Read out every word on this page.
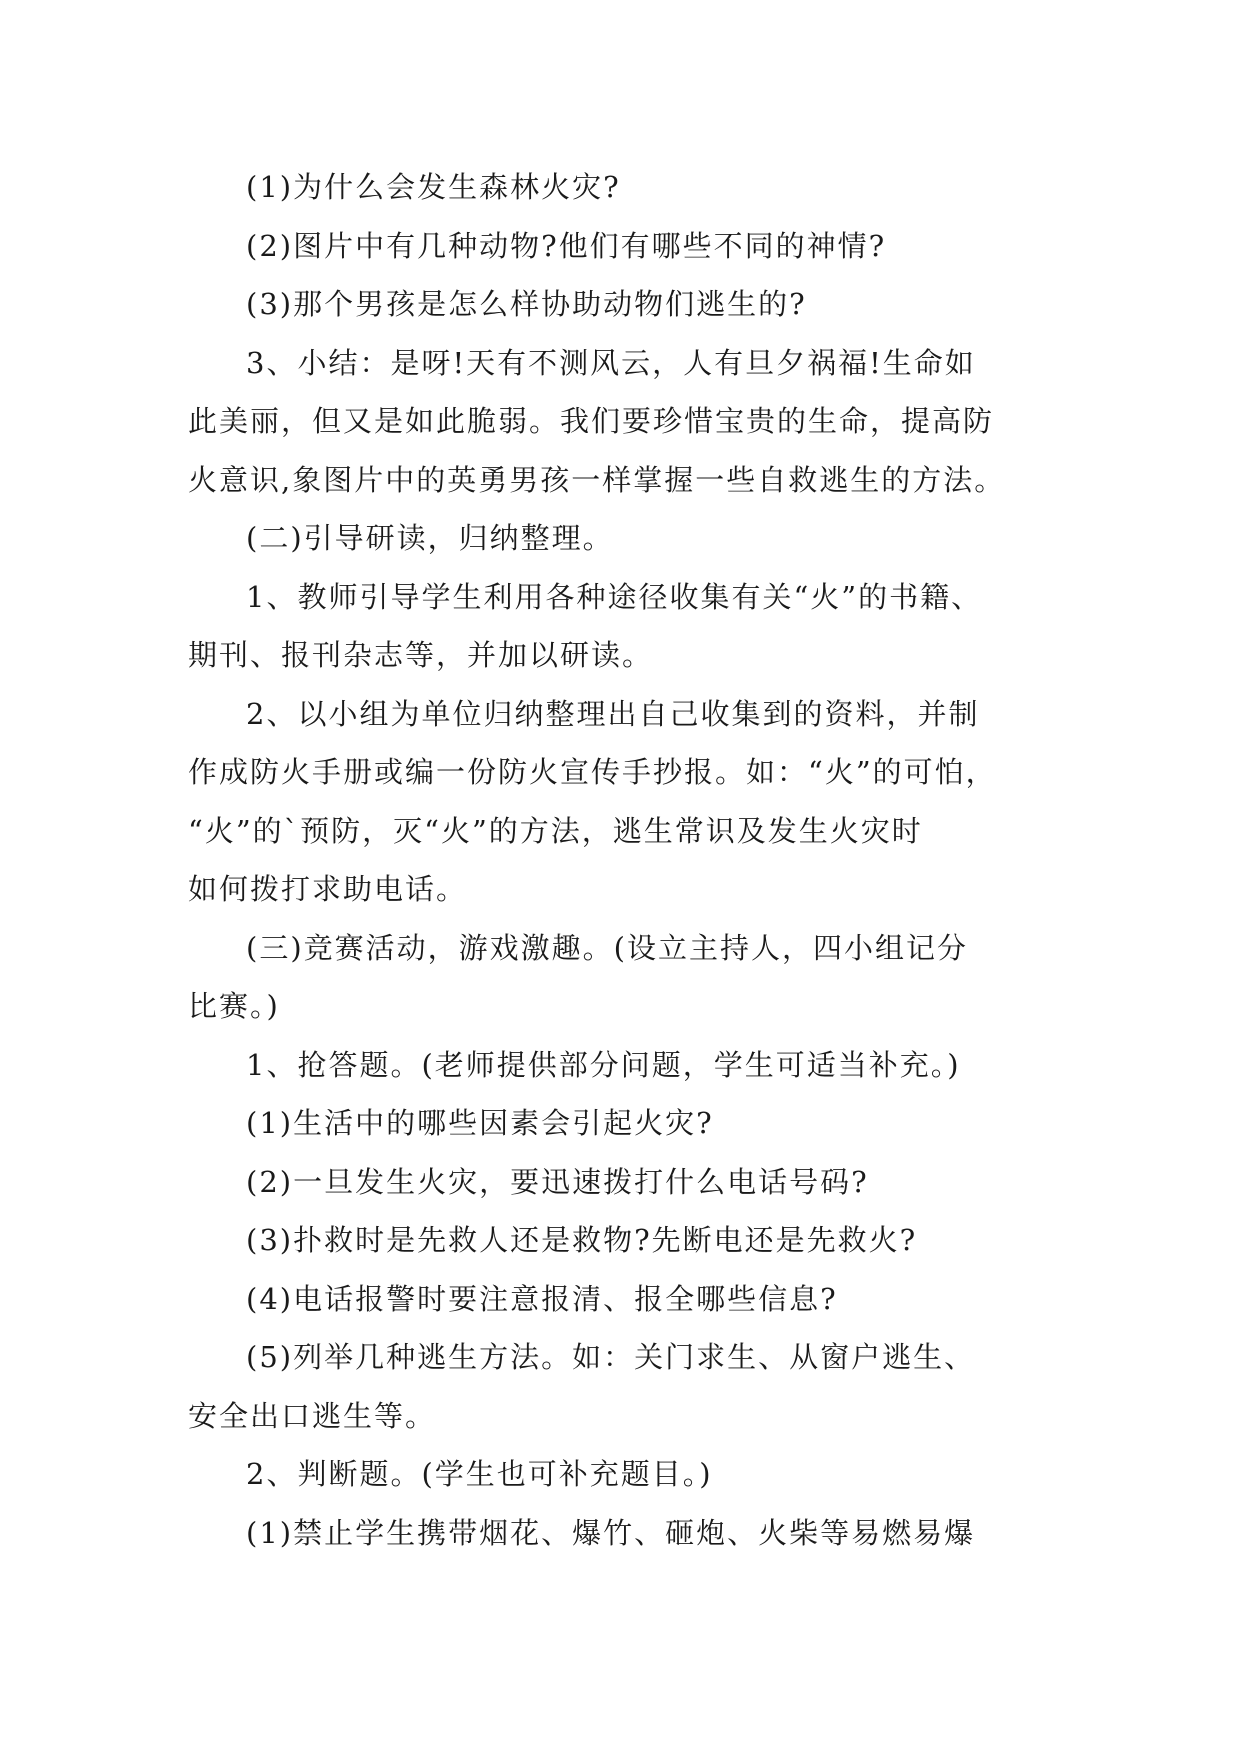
(1)为什么会发生森林火灾?
(2)图片中有几种动物?他们有哪些不同的神情?
(3)那个男孩是怎么样协助动物们逃生的?
3、小结：是呀!天有不测风云，人有旦夕祸福!生命如
此美丽，但又是如此脆弱。我们要珍惜宝贵的生命，提高防
火意识,象图片中的英勇男孩一样掌握一些自救逃生的方法。
(二)引导研读，归纳整理。
1、教师引导学生利用各种途径收集有关“火”的书籍、
期刊、报刊杂志等，并加以研读。
2、以小组为单位归纳整理出自己收集到的资料，并制
作成防火手册或编一份防火宣传手抄报。如：“火”的可怕，
“火”的`预防，灭“火”的方法，逃生常识及发生火灾时
如何拨打求助电话。
(三)竞赛活动，游戏激趣。(设立主持人，四小组记分
比赛。)
1、抢答题。(老师提供部分问题，学生可适当补充。)
(1)生活中的哪些因素会引起火灾?
(2)一旦发生火灾，要迅速拨打什么电话号码?
(3)扑救时是先救人还是救物?先断电还是先救火?
(4)电话报警时要注意报清、报全哪些信息?
(5)列举几种逃生方法。如：关门求生、从窗户逃生、
安全出口逃生等。
2、判断题。(学生也可补充题目。)
(1)禁止学生携带烟花、爆竹、砸炮、火柴等易燃易爆
